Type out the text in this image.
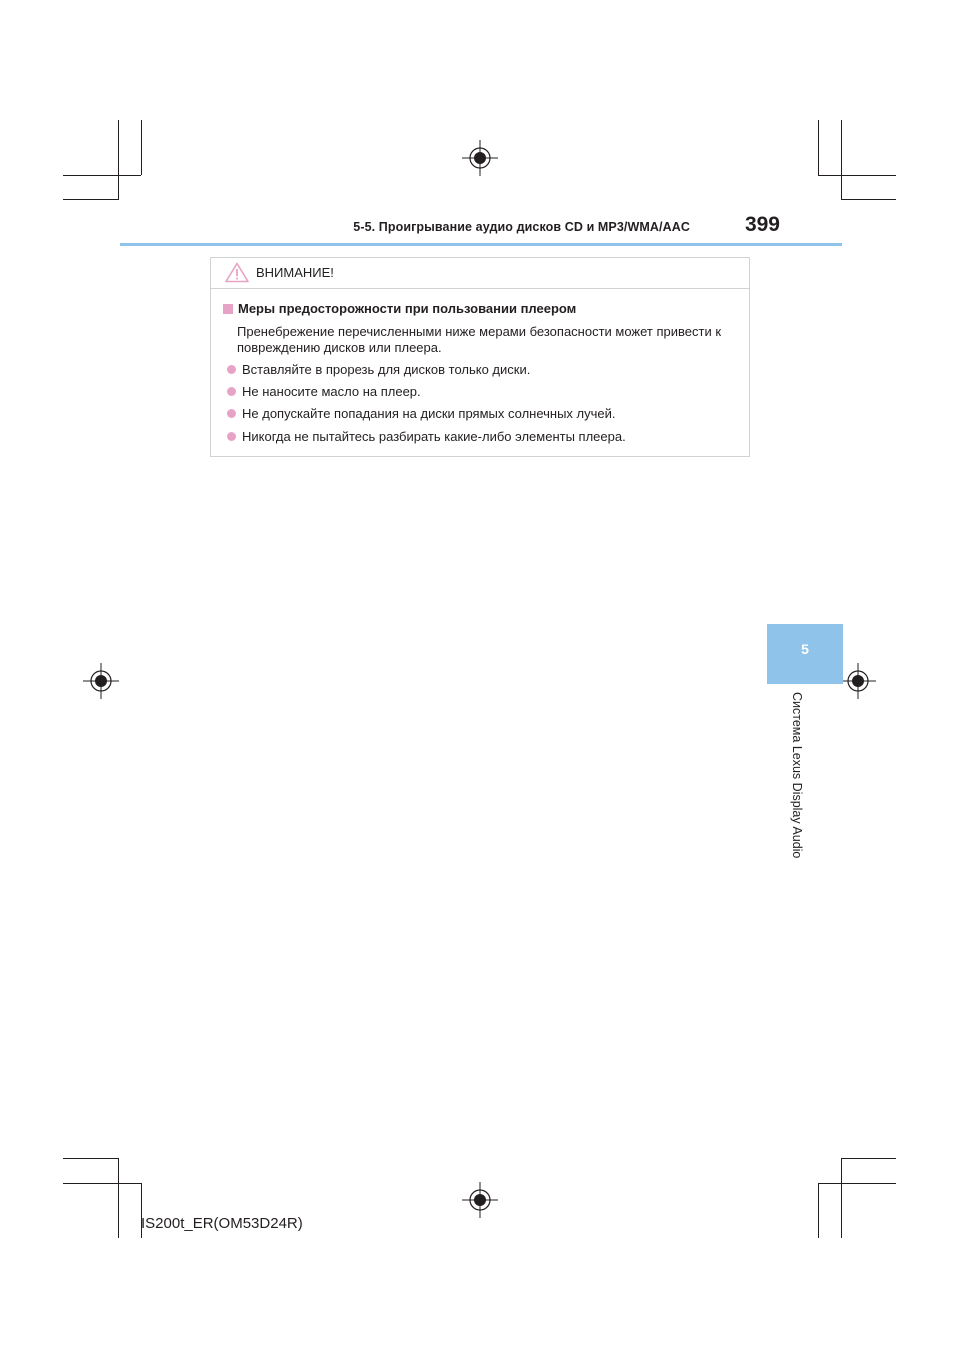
5-5. Проигрывание аудио дисков CD и MP3/WMA/AAC	399
ВНИМАНИЕ!
Меры предосторожности при пользовании плеером
Пренебрежение перечисленными ниже мерами безопасности может привести к повреждению дисков или плеера.
Вставляйте в прорезь для дисков только диски.
Не наносите масло на плеер.
Не допускайте попадания на диски прямых солнечных лучей.
Никогда не пытайтесь разбирать какие-либо элементы плеера.
5
Система Lexus Display Audio
IS200t_ER(OM53D24R)
